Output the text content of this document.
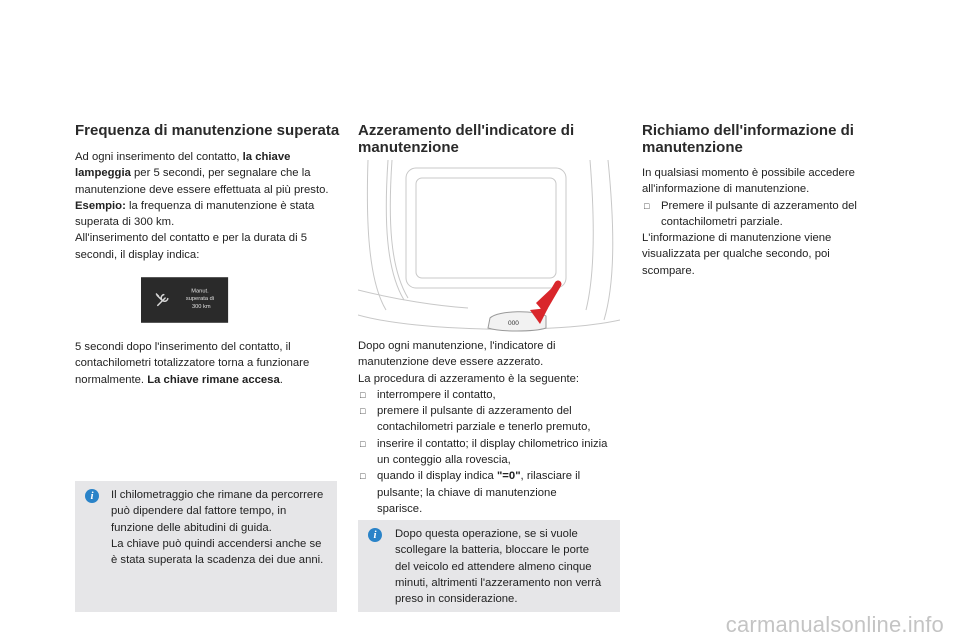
Frequenza di manutenzione superata

Ad ogni inserimento del contatto, la chiave lampeggia per 5 secondi, per segnalare che la manutenzione deve essere effettuata al più presto.

Esempio: la frequenza di manutenzione è stata superata di 300 km.

All'inserimento del contatto e per la durata di 5 secondi, il display indica:

Manut.
superata di
300 km

5 secondi dopo l'inserimento del contatto, il contachilometri totalizzatore torna a funzionare normalmente. La chiave rimane accesa.

i	Il chilometraggio che rimane da percorrere può dipendere dal fattore tempo, in funzione delle abitudini di guida.
La chiave può quindi accendersi anche se è stata superata la scadenza dei due anni.

Azzeramento dell'indicatore di manutenzione
000

Dopo ogni manutenzione, l'indicatore di manutenzione deve essere azzerato.

La procedura di azzeramento è la seguente:

□ interrompere il contatto,
□ premere il pulsante di azzeramento del contachilometri parziale e tenerlo premuto,
□ inserire il contatto; il display chilometrico inizia un conteggio alla rovescia,
□ quando il display indica "=0", rilasciare il pulsante; la chiave di manutenzione sparisce.
i	Dopo questa operazione, se si vuole scollegare la batteria, bloccare le porte del veicolo ed attendere almeno cinque minuti, altrimenti l'azzeramento non verrà preso in considerazione.

Richiamo dell'informazione di manutenzione

In qualsiasi momento è possibile accedere all'informazione di manutenzione.

□ Premere il pulsante di azzeramento del contachilometri parziale.

L'informazione di manutenzione viene visualizzata per qualche secondo, poi scompare.

carmanualsonline.info
